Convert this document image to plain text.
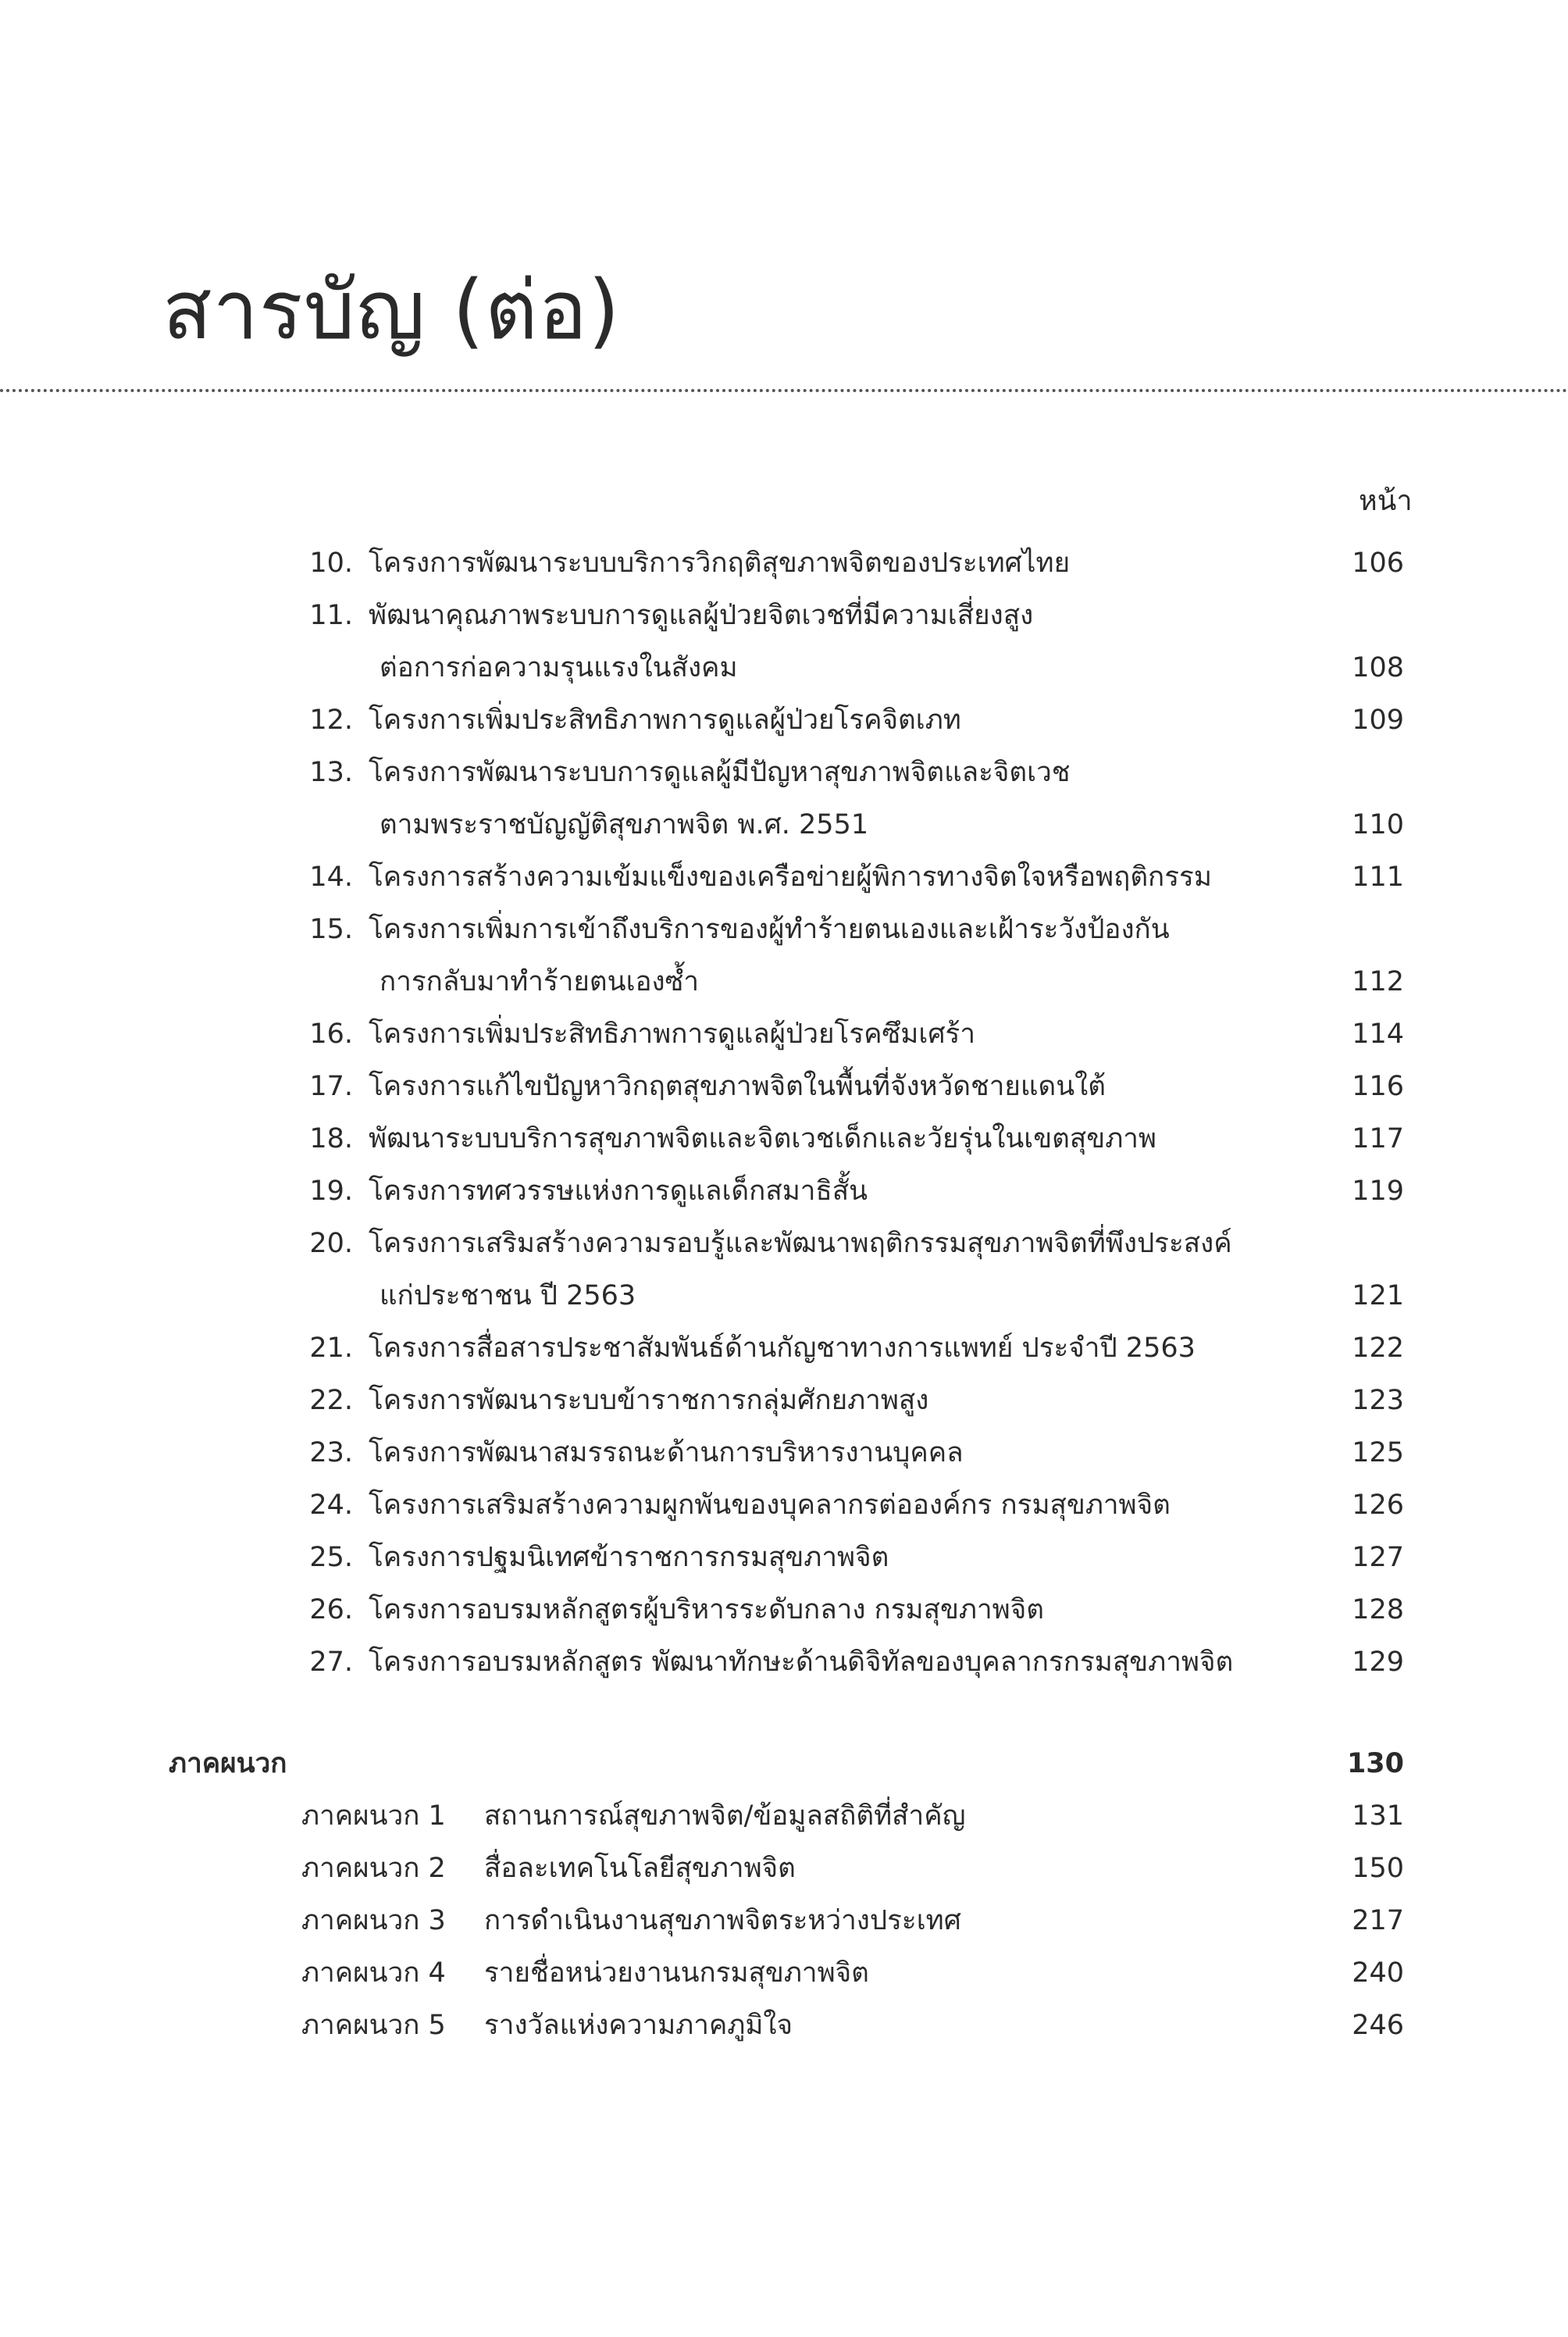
สารบัญ (ต่อ)
หน้า
10. โครงการพัฒนาระบบบริการวิกฤติสุขภาพจิตของประเทศไทย	106
11. พัฒนาคุณภาพระบบการดูแลผู้ป่วยจิตเวชที่มีความเสี่ยงสูง
ต่อการก่อความรุนแรงในสังคม	108
12. โครงการเพิ่มประสิทธิภาพการดูแลผู้ป่วยโรคจิตเภท	109
13. โครงการพัฒนาระบบการดูแลผู้มีปัญหาสุขภาพจิตและจิตเวช
ตามพระราชบัญญัติสุขภาพจิต พ.ศ. 2551	110
14. โครงการสร้างความเข้มแข็งของเครือข่ายผู้พิการทางจิตใจหรือพฤติกรรม	111
15. โครงการเพิ่มการเข้าถึงบริการของผู้ทำร้ายตนเองและเฝ้าระวังป้องกัน
การกลับมาทำร้ายตนเองซ้ำ	112
16. โครงการเพิ่มประสิทธิภาพการดูแลผู้ป่วยโรคซึมเศร้า	114
17. โครงการแก้ไขปัญหาวิกฤตสุขภาพจิตในพื้นที่จังหวัดชายแดนใต้	116
18. พัฒนาระบบบริการสุขภาพจิตและจิตเวชเด็กและวัยรุ่นในเขตสุขภาพ	117
19. โครงการทศวรรษแห่งการดูแลเด็กสมาธิสั้น	119
20. โครงการเสริมสร้างความรอบรู้และพัฒนาพฤติกรรมสุขภาพจิตที่พึงประสงค์
แก่ประชาชน ปี 2563	121
21. โครงการสื่อสารประชาสัมพันธ์ด้านกัญชาทางการแพทย์ ประจำปี 2563	122
22. โครงการพัฒนาระบบข้าราชการกลุ่มศักยภาพสูง	123
23. โครงการพัฒนาสมรรถนะด้านการบริหารงานบุคคล	125
24. โครงการเสริมสร้างความผูกพันของบุคลากรต่อองค์กร กรมสุขภาพจิต	126
25. โครงการปฐมนิเทศข้าราชการกรมสุขภาพจิต	127
26. โครงการอบรมหลักสูตรผู้บริหารระดับกลาง กรมสุขภาพจิต	128
27. โครงการอบรมหลักสูตร พัฒนาทักษะด้านดิจิทัลของบุคลากรกรมสุขภาพจิต	129
ภาคผนวก	130
ภาคผนวก 1 สถานการณ์สุขภาพจิต/ข้อมูลสถิติที่สำคัญ	131
ภาคผนวก 2 สื่อละเทคโนโลยีสุขภาพจิต	150
ภาคผนวก 3 การดำเนินงานสุขภาพจิตระหว่างประเทศ	217
ภาคผนวก 4 รายชื่อหน่วยงานนกรมสุขภาพจิต	240
ภาคผนวก 5 รางวัลแห่งความภาคภูมิใจ	246
